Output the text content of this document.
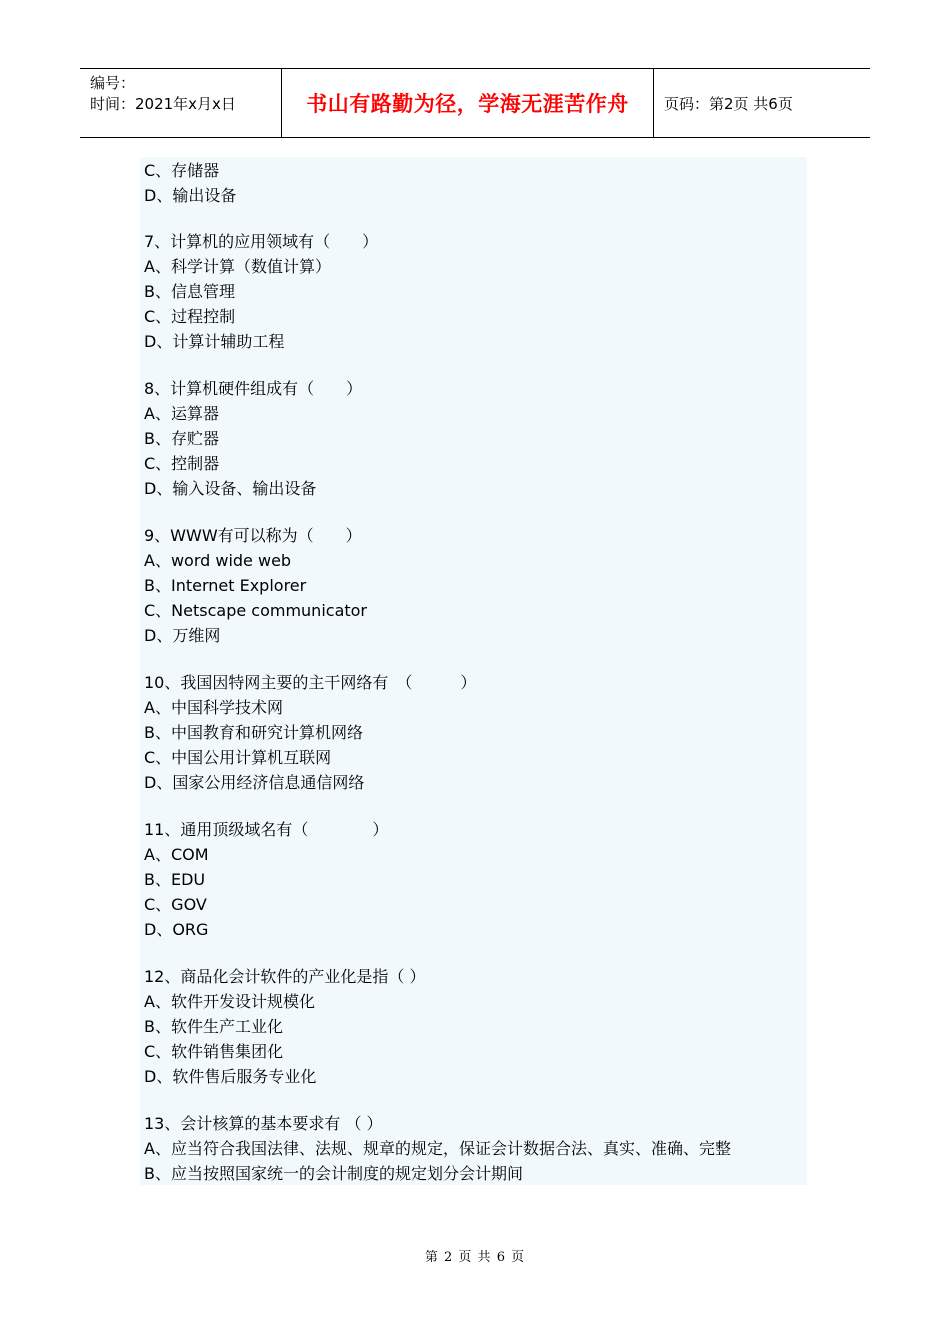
编号：
时间：2021年x月x日	书山有路勤为径，学海无涯苦作舟 页码：第2页 共6页
C、存储器
D、输出设备
7、计算机的应用领域有（　　）
A、科学计算（数值计算）
B、信息管理
C、过程控制
D、计算计辅助工程
8、计算机硬件组成有（　　）
A、运算器
B、存贮器
C、控制器
D、输入设备、输出设备
9、WWW有可以称为（　　）
A、word wide web
B、Internet Explorer
C、Netscape communicator
D、万维网
10、我国因特网主要的主干网络有　（　　　）
A、中国科学技术网
B、中国教育和研究计算机网络
C、中国公用计算机互联网
D、国家公用经济信息通信网络
11、通用顶级域名有（　　　　）
A、COM
B、EDU
C、GOV
D、ORG
12、商品化会计软件的产业化是指（ ）
A、软件开发设计规模化
B、软件生产工业化
C、软件销售集团化
D、软件售后服务专业化
13、会计核算的基本要求有 （ ）
A、应当符合我国法律、法规、规章的规定，保证会计数据合法、真实、准确、完整
B、应当按照国家统一的会计制度的规定划分会计期间
第 2 页 共 6 页
